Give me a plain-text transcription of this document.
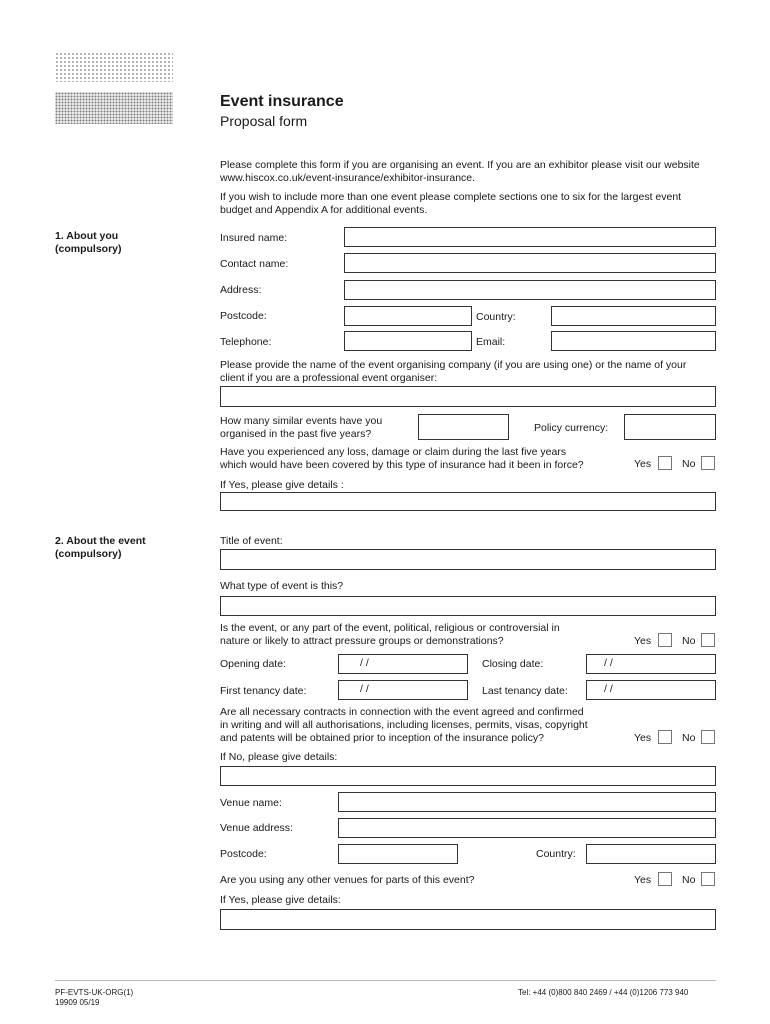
Event insurance
Proposal form
Please complete this form if you are organising an event. If you are an exhibitor please visit our website www.hiscox.co.uk/event-insurance/exhibitor-insurance.
If you wish to include more than one event please complete sections one to six for the largest event budget and Appendix A for additional events.
1. About you
(compulsory)
Insured name:
Contact name:
Address:
Postcode:	Country:
Telephone:	Email:
Please provide the name of the event organising company (if you are using one) or the name of your client if you are a professional event organiser:
How many similar events have you
organised in the past five years?	Policy currency:
Have you experienced any loss, damage or claim during the last five years
which would have been covered by this type of insurance had it been in force?	Yes	No
If Yes, please give details :
2. About the event
(compulsory)
Title of event:
What type of event is this?
Is the event, or any part of the event, political, religious or controversial in
nature or likely to attract pressure groups or demonstrations?	Yes	No
Opening date:	/ /	Closing date:	/ /
First tenancy date:	/ /	Last tenancy date:	/ /
Are all necessary contracts in connection with the event agreed and confirmed
in writing and will all authorisations, including licenses, permits, visas, copyright
and patents will be obtained prior to inception of the insurance policy?	Yes	No
If No, please give details:
Venue name:
Venue address:
Postcode:	Country:
Are you using any other venues for parts of this event?	Yes	No
If Yes, please give details:
PF-EVTS-UK-ORG(1)
19909 05/19
Tel: +44 (0)800 840 2469 / +44 (0)1206 773 940
